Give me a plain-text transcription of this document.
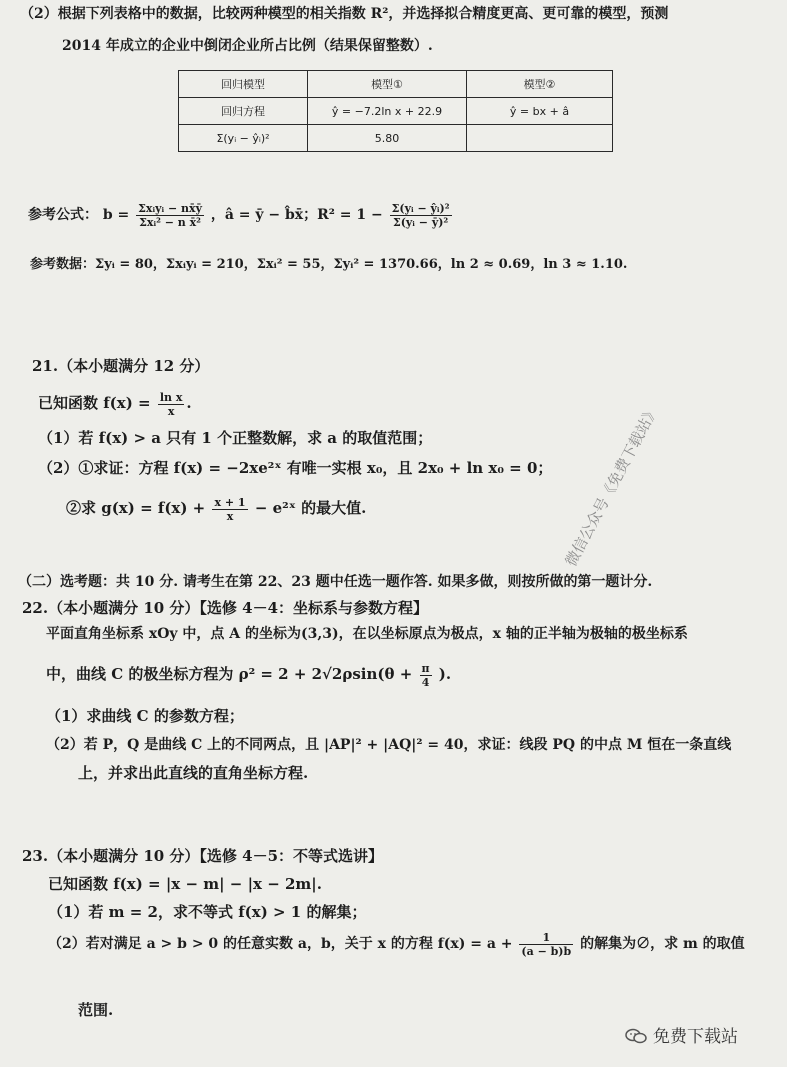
（2）根据下列表格中的数据，比较两种模型的相关指数 R²，并选择拟合精度更高、更可靠的模型，预测
2014 年成立的企业中倒闭企业所占比例（结果保留整数）.
回归模型	模型①	模型②
回归方程	ŷ = −7.2ln x + 22.9	ŷ = bx + â
Σ(yᵢ − ŷᵢ)²	5.80	
参考公式： $b = \frac{\text{Σxᵢyᵢ − nx̄ȳ}}{\text{Σxᵢ² − n x̄²}}$ ，â = ȳ − b̂x̄；$R^2 = 1 - \frac{\text{Σ(yᵢ − ŷᵢ)²}}{\text{Σ(yᵢ − ȳ)²}}$
参考数据：Σyᵢ = 80，Σxᵢyᵢ = 210，Σxᵢ² = 55，Σyᵢ² = 1370.66，ln 2 ≈ 0.69，ln 3 ≈ 1.10.
21.（本小题满分 12 分）
已知函数 $f(x) = \frac{\text{ln x}}{x}$ .
（1）若 f(x) > a 只有 1 个正整数解，求 a 的取值范围；
（2）①求证：方程 f(x) = −2xe²ˣ 有唯一实根 x₀，且 2x₀ + ln x₀ = 0；
②求 $g(x) = f(x) + \frac{x + 1}{x}$ − e²ˣ 的最大值.
（二）选考题：共 10 分. 请考生在第 22、23 题中任选一题作答. 如果多做，则按所做的第一题计分.
22.（本小题满分 10 分）【选修 4－4：坐标系与参数方程】
平面直角坐标系 xOy 中，点 A 的坐标为(3,3)，在以坐标原点为极点，x 轴的正半轴为极轴的极坐标系
中，曲线 C 的极坐标方程为 $\rho^2 = 2 + 2√2\rho\sin(\theta + \frac{\pi}{4}$ ).
（1）求曲线 C 的参数方程；
（2）若 P，Q 是曲线 C 上的不同两点，且 |AP|² + |AQ|² = 40，求证：线段 PQ 的中点 M 恒在一条直线
上，并求出此直线的直角坐标方程.
23.（本小题满分 10 分）【选修 4－5：不等式选讲】
已知函数 f(x) = |x − m| − |x − 2m|.
（1）若 m = 2，求不等式 f(x) > 1 的解集；
（2）若对满足 a > b > 0 的任意实数 a，b，关于 x 的方程 $f(x) = a + \frac{1}{(a - b)b}$ 的解集为∅，求 m 的取值
范围.
微信公众号《免费下载站》
免费下载站
